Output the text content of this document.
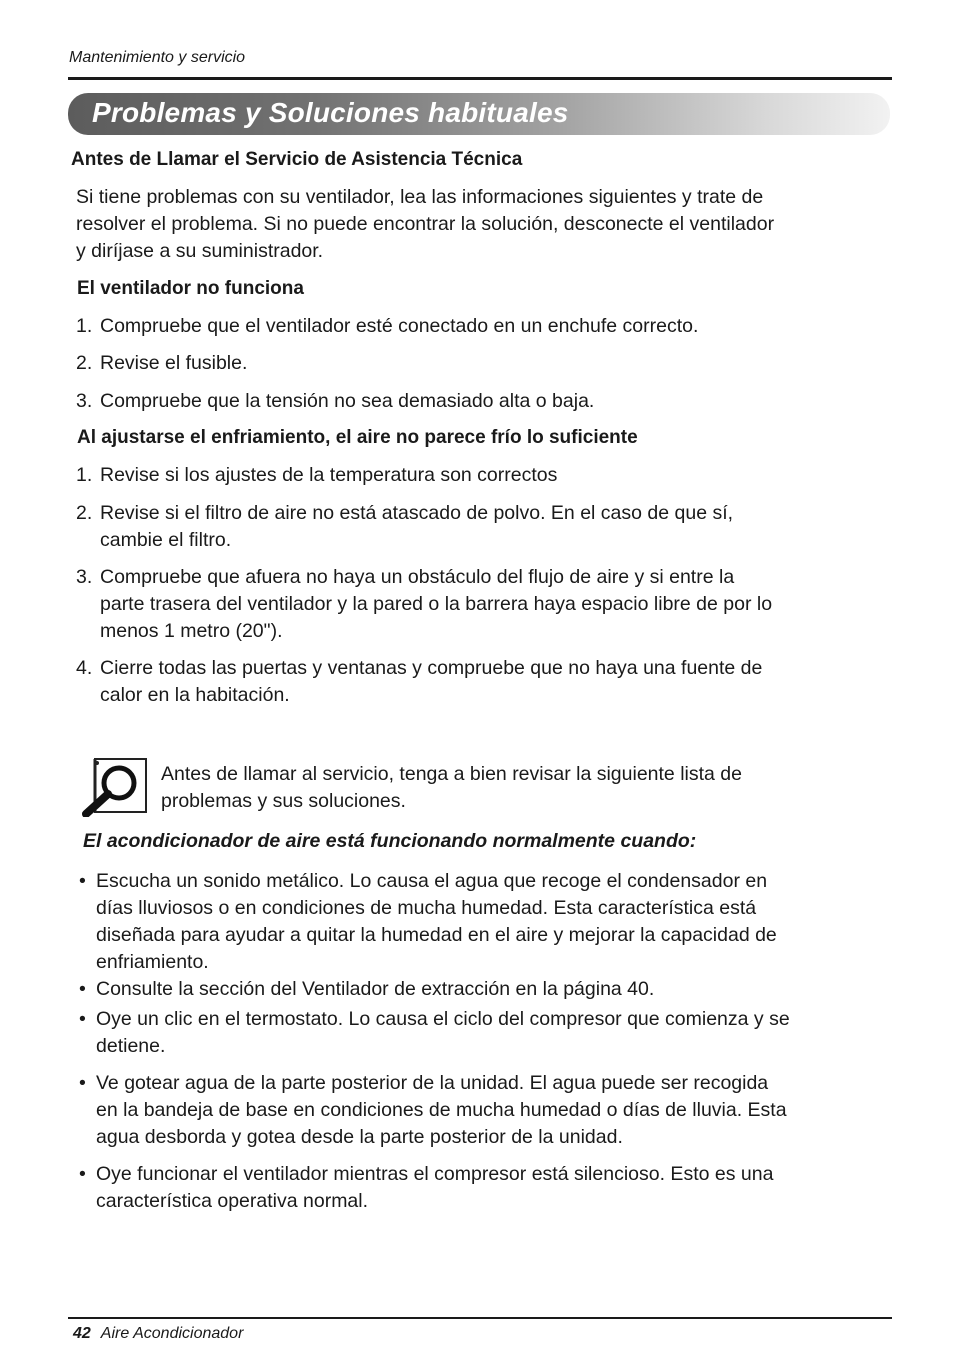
Mantenimiento y servicio
Problemas y Soluciones habituales
Antes de Llamar el Servicio de Asistencia Técnica
Si tiene problemas con su ventilador, lea las informaciones siguientes y trate de
resolver el problema. Si no puede encontrar la solución, desconecte el ventilador
y diríjase a su suministrador.
El ventilador no funciona
1. Compruebe que el ventilador esté conectado en un enchufe correcto.
2. Revise el fusible.
3. Compruebe que la tensión no sea demasiado alta o baja.
Al ajustarse el enfriamiento, el aire no parece frío lo suficiente
1. Revise si los ajustes de la temperatura son correctos
2. Revise si el filtro de aire no está atascado de polvo. En el caso de que sí,
cambie el filtro.
3. Compruebe que afuera no haya un obstáculo del flujo de aire y si entre la
parte trasera del ventilador y la pared o la barrera haya espacio libre de por lo
menos 1 metro (20").
4. Cierre todas las puertas y ventanas y compruebe que no haya una fuente de
calor en la habitación.
Antes de llamar al servicio, tenga a bien revisar la siguiente lista de
problemas y sus soluciones.
El acondicionador de aire está funcionando normalmente cuando:
• Escucha un sonido metálico. Lo causa el agua que recoge el condensador en
días lluviosos o en condiciones de mucha humedad. Esta característica está
diseñada para ayudar a quitar la humedad en el aire y mejorar la capacidad de
enfriamiento.
• Consulte la sección del Ventilador de extracción en la página 40.
• Oye un clic en el termostato. Lo causa el ciclo del compresor que comienza y se
detiene.
• Ve gotear agua de la parte posterior de la unidad. El agua puede ser recogida
en la bandeja de base en condiciones de mucha humedad o días de lluvia. Esta
agua desborda y gotea desde la parte posterior de la unidad.
• Oye funcionar el ventilador mientras el compresor está silencioso. Esto es una
característica operativa normal.
42 Aire Acondicionador
